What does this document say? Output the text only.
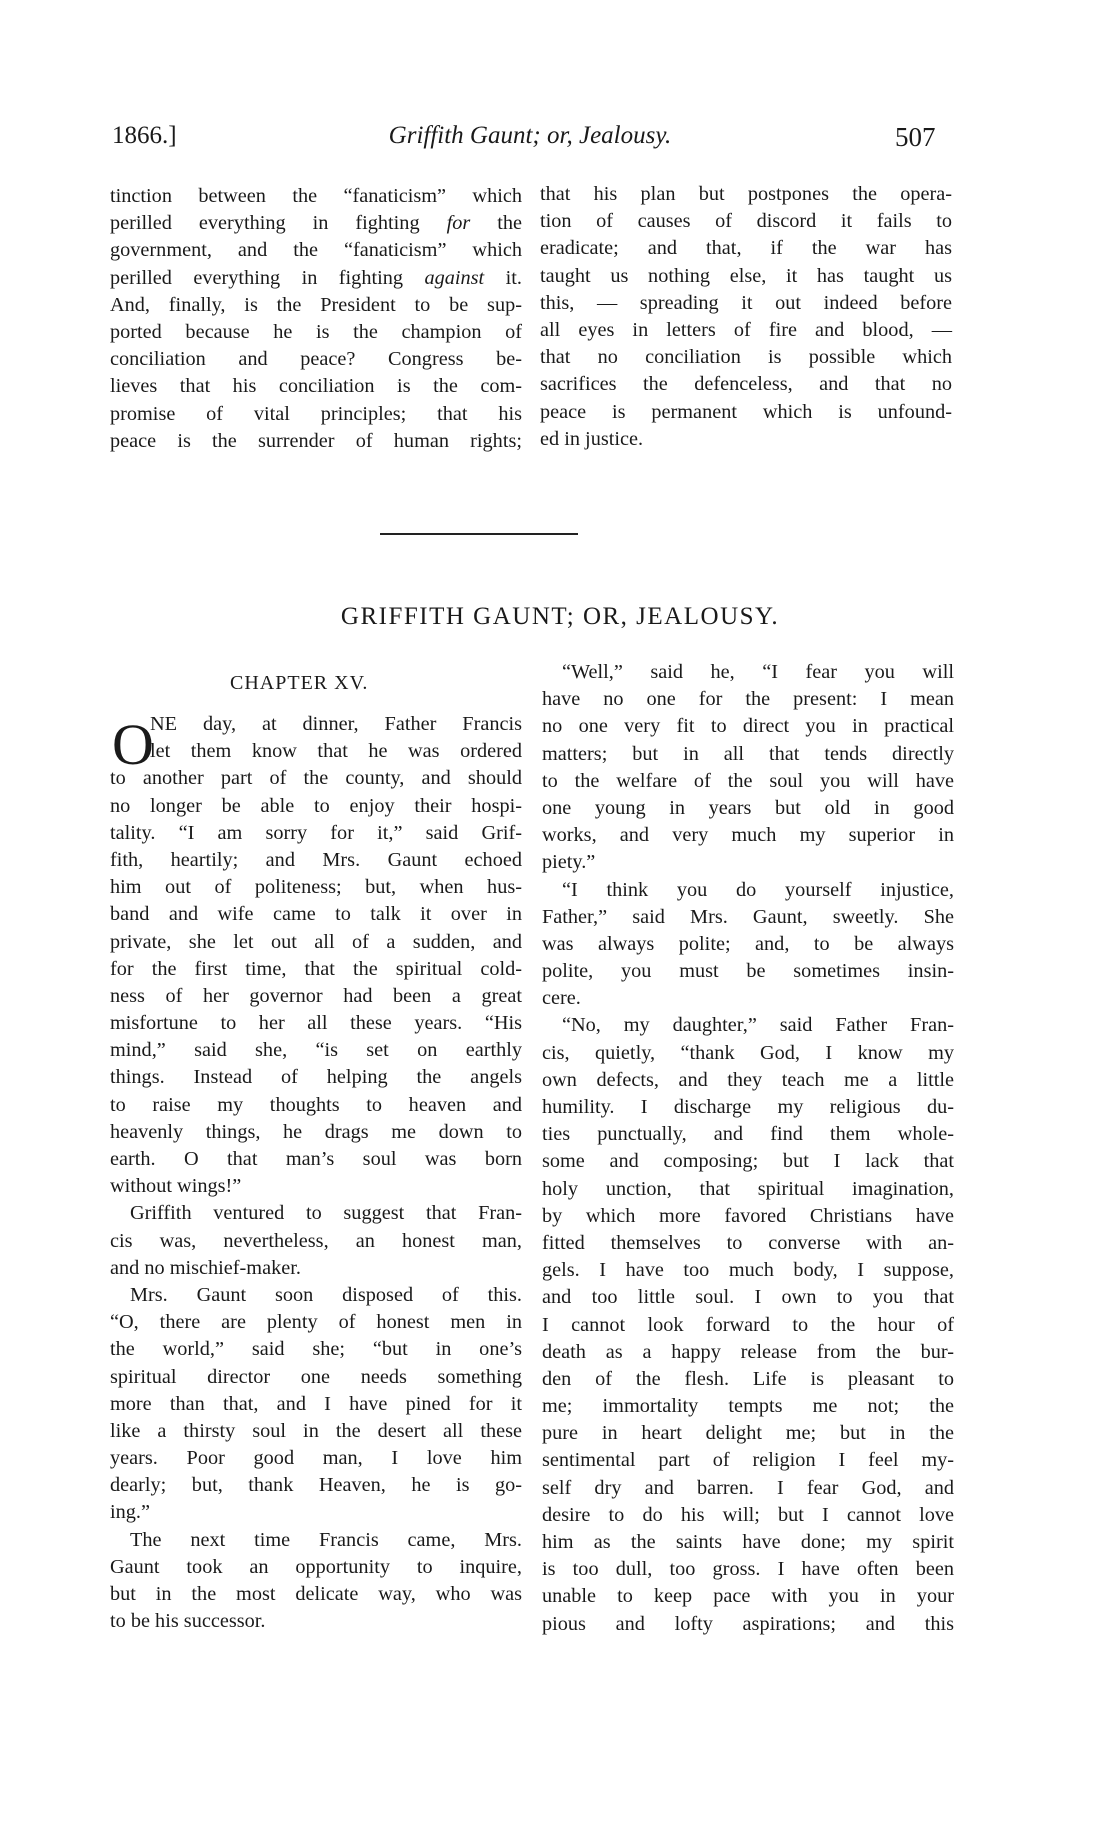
1866.]	Griffith Gaunt; or, Jealousy.	507
tinction between the “fanaticism” which
perilled everything in fighting for the
government, and the “fanaticism” which
perilled everything in fighting against it.
And, finally, is the President to be sup-
ported because he is the champion of
conciliation and peace? Congress be-
lieves that his conciliation is the com-
promise of vital principles; that his
peace is the surrender of human rights;
that his plan but postpones the opera-
tion of causes of discord it fails to
eradicate; and that, if the war has
taught us nothing else, it has taught us
this, — spreading it out indeed before
all eyes in letters of fire and blood, —
that no conciliation is possible which
sacrifices the defenceless, and that no
peace is permanent which is unfound-
ed in justice.
GRIFFITH GAUNT; OR, JEALOUSY.
CHAPTER XV.
O
NE day, at dinner, Father Francis
let them know that he was ordered
to another part of the county, and should
no longer be able to enjoy their hospi-
tality. “I am sorry for it,” said Grif-
fith, heartily; and Mrs. Gaunt echoed
him out of politeness; but, when hus-
band and wife came to talk it over in
private, she let out all of a sudden, and
for the first time, that the spiritual cold-
ness of her governor had been a great
misfortune to her all these years. “His
mind,” said she, “is set on earthly
things. Instead of helping the angels
to raise my thoughts to heaven and
heavenly things, he drags me down to
earth. O that man’s soul was born
without wings!”
Griffith ventured to suggest that Fran-
cis was, nevertheless, an honest man,
and no mischief-maker.
Mrs. Gaunt soon disposed of this.
“O, there are plenty of honest men in
the world,” said she; “but in one’s
spiritual director one needs something
more than that, and I have pined for it
like a thirsty soul in the desert all these
years. Poor good man, I love him
dearly; but, thank Heaven, he is go-
ing.”
The next time Francis came, Mrs.
Gaunt took an opportunity to inquire,
but in the most delicate way, who was
to be his successor.
“Well,” said he, “I fear you will
have no one for the present: I mean
no one very fit to direct you in practical
matters; but in all that tends directly
to the welfare of the soul you will have
one young in years but old in good
works, and very much my superior in
piety.”
“I think you do yourself injustice,
Father,” said Mrs. Gaunt, sweetly. She
was always polite; and, to be always
polite, you must be sometimes insin-
cere.
“No, my daughter,” said Father Fran-
cis, quietly, “thank God, I know my
own defects, and they teach me a little
humility. I discharge my religious du-
ties punctually, and find them whole-
some and composing; but I lack that
holy unction, that spiritual imagination,
by which more favored Christians have
fitted themselves to converse with an-
gels. I have too much body, I suppose,
and too little soul. I own to you that
I cannot look forward to the hour of
death as a happy release from the bur-
den of the flesh. Life is pleasant to
me; immortality tempts me not; the
pure in heart delight me; but in the
sentimental part of religion I feel my-
self dry and barren. I fear God, and
desire to do his will; but I cannot love
him as the saints have done; my spirit
is too dull, too gross. I have often been
unable to keep pace with you in your
pious and lofty aspirations; and this
